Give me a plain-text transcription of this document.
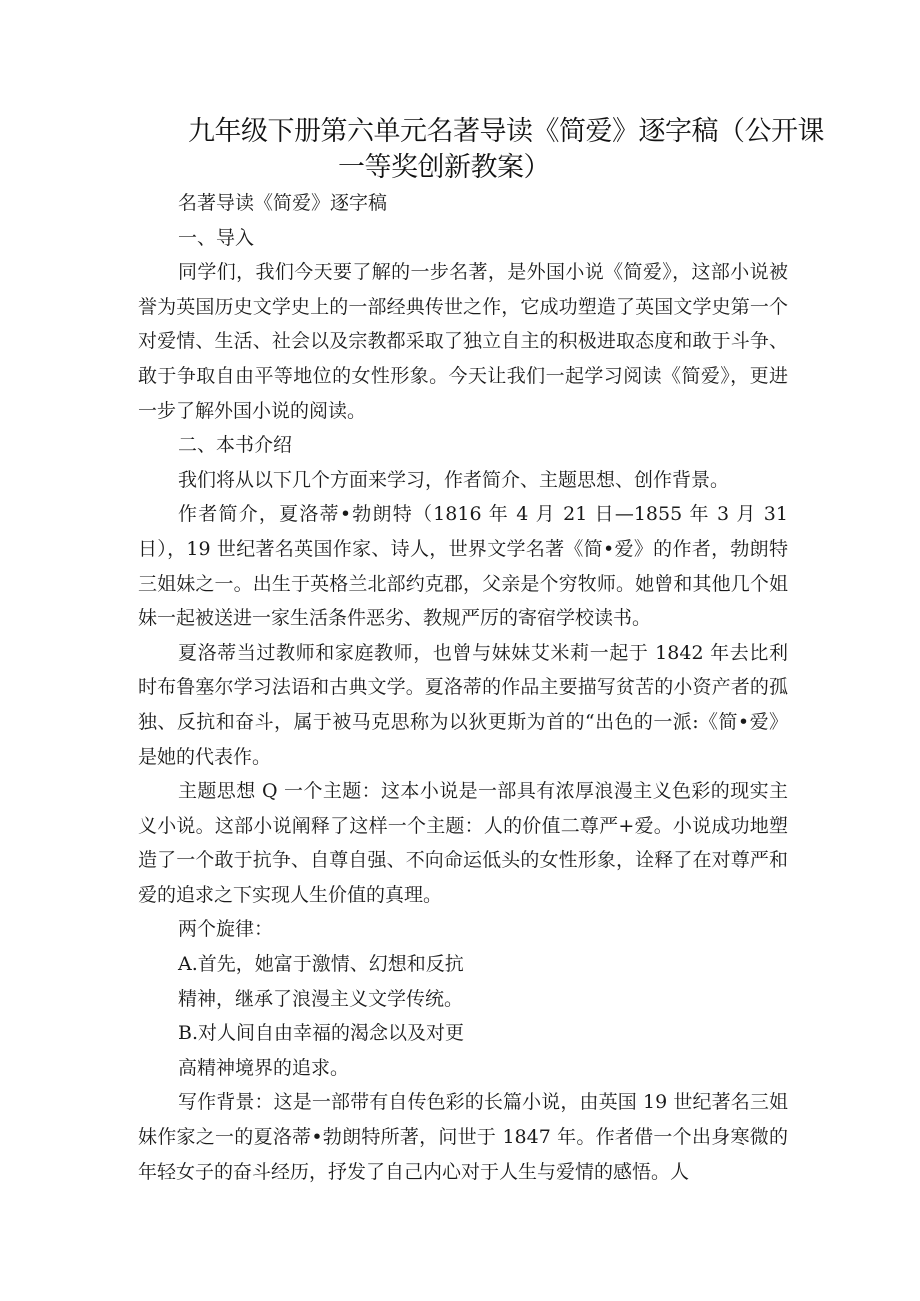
九年级下册第六单元名著导读《简爱》逐字稿（公开课
一等奖创新教案）

名著导读《简爱》逐字稿

一、导入

同学们，我们今天要了解的一步名著，是外国小说《简爱》，这部小说被誉为英国历史文学史上的一部经典传世之作，它成功塑造了英国文学史第一个对爱情、生活、社会以及宗教都采取了独立自主的积极进取态度和敢于斗争、敢于争取自由平等地位的女性形象。今天让我们一起学习阅读《简爱》，更进一步了解外国小说的阅读。

二、本书介绍

我们将从以下几个方面来学习，作者简介、主题思想、创作背景。

作者简介，夏洛蒂•勃朗特（1816 年 4 月 21 日—1855 年 3 月 31 日），19 世纪著名英国作家、诗人，世界文学名著《简•爱》的作者，勃朗特三姐妹之一。出生于英格兰北部约克郡，父亲是个穷牧师。她曾和其他几个姐妹一起被送进一家生活条件恶劣、教规严厉的寄宿学校读书。

夏洛蒂当过教师和家庭教师，也曾与妹妹艾米莉一起于 1842 年去比利时布鲁塞尔学习法语和古典文学。夏洛蒂的作品主要描写贫苦的小资产者的孤独、反抗和奋斗，属于被马克思称为以狄更斯为首的“出色的一派:《简•爱》是她的代表作。

主题思想 Q 一个主题：这本小说是一部具有浓厚浪漫主义色彩的现实主义小说。这部小说阐释了这样一个主题：人的价值二尊严+爱。小说成功地塑造了一个敢于抗争、自尊自强、不向命运低头的女性形象，诠释了在对尊严和爱的追求之下实现人生价值的真理。

两个旋律：

A.首先，她富于激情、幻想和反抗

精神，继承了浪漫主义文学传统。

B.对人间自由幸福的渴念以及对更

高精神境界的追求。

写作背景：这是一部带有自传色彩的长篇小说，由英国 19 世纪著名三姐妹作家之一的夏洛蒂•勃朗特所著，问世于 1847 年。作者借一个出身寒微的年轻女子的奋斗经历，抒发了自己内心对于人生与爱情的感悟。人
